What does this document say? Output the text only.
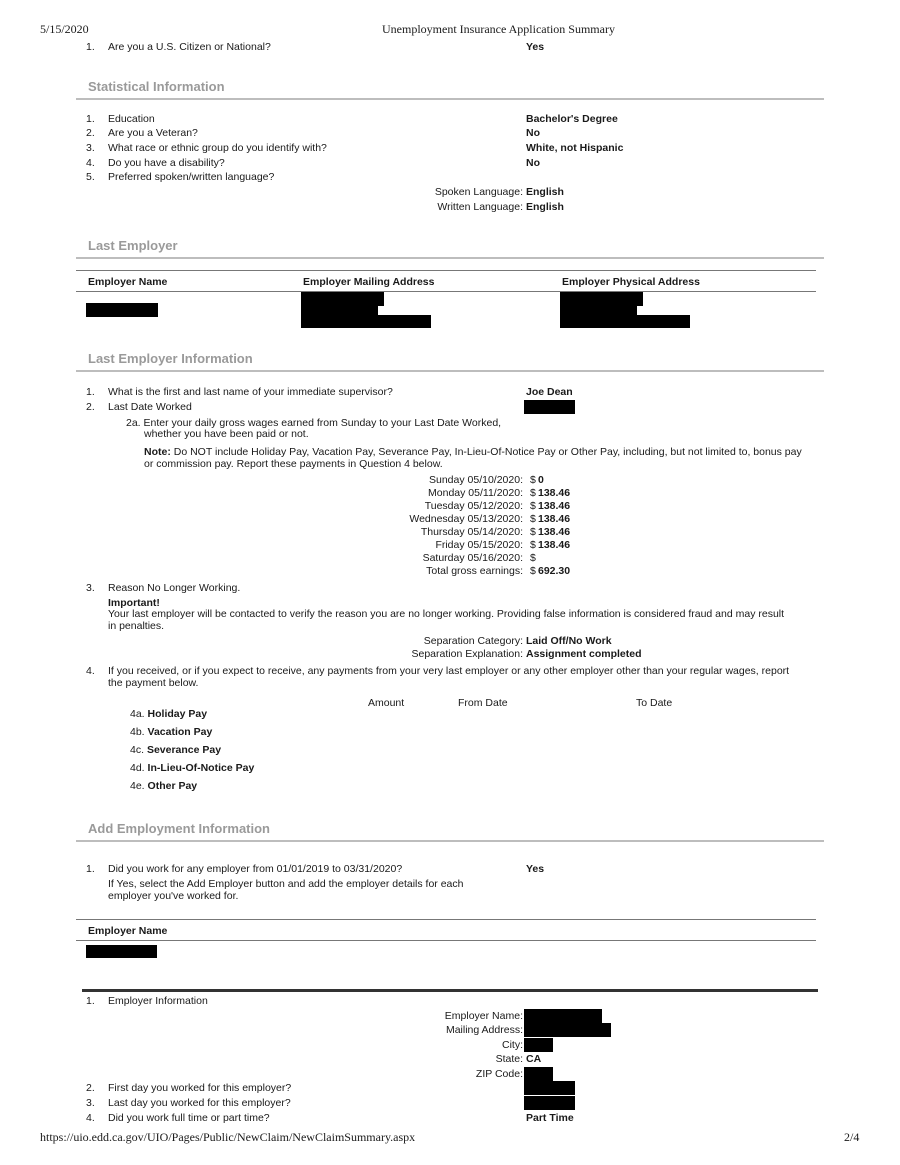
5/15/2020	Unemployment Insurance Application Summary
1. Are you a U.S. Citizen or National?	Yes
Statistical Information
1. Education	Bachelor's Degree
2. Are you a Veteran?	No
3. What race or ethnic group do you identify with?	White, not Hispanic
4. Do you have a disability?	No
5. Preferred spoken/written language?
Spoken Language: English
Written Language: English
Last Employer
Employer Name	Employer Mailing Address	Employer Physical Address
Last Employer Information
1. What is the first and last name of your immediate supervisor?	Joe Dean
2. Last Date Worked
2a. Enter your daily gross wages earned from Sunday to your Last Date Worked,
whether you have been paid or not.
Note: Do NOT include Holiday Pay, Vacation Pay, Severance Pay, In-Lieu-Of-Notice Pay or Other Pay, including, but not limited to, bonus pay or commission pay. Report these payments in Question 4 below.
Sunday 05/10/2020: $ 0
Monday 05/11/2020: $ 138.46
Tuesday 05/12/2020: $ 138.46
Wednesday 05/13/2020: $ 138.46
Thursday 05/14/2020: $ 138.46
Friday 05/15/2020: $ 138.46
Saturday 05/16/2020: $
Total gross earnings: $ 692.30
3. Reason No Longer Working.
Important!
Your last employer will be contacted to verify the reason you are no longer working. Providing false information is considered fraud and may result in penalties.
Separation Category: Laid Off/No Work
Separation Explanation: Assignment completed
4. If you received, or if you expect to receive, any payments from your very last employer or any other employer other than your regular wages, report the payment below.
Amount	From Date	To Date
4a. Holiday Pay
4b. Vacation Pay
4c. Severance Pay
4d. In-Lieu-Of-Notice Pay
4e. Other Pay
Add Employment Information
1. Did you work for any employer from 01/01/2019 to 03/31/2020?	Yes
If Yes, select the Add Employer button and add the employer details for each employer you've worked for.
Employer Name
1. Employer Information
Employer Name:
Mailing Address:
City:
State: CA
ZIP Code:
2. First day you worked for this employer?
3. Last day you worked for this employer?
4. Did you work full time or part time?	Part Time
https://uio.edd.ca.gov/UIO/Pages/Public/NewClaim/NewClaimSummary.aspx	2/4
